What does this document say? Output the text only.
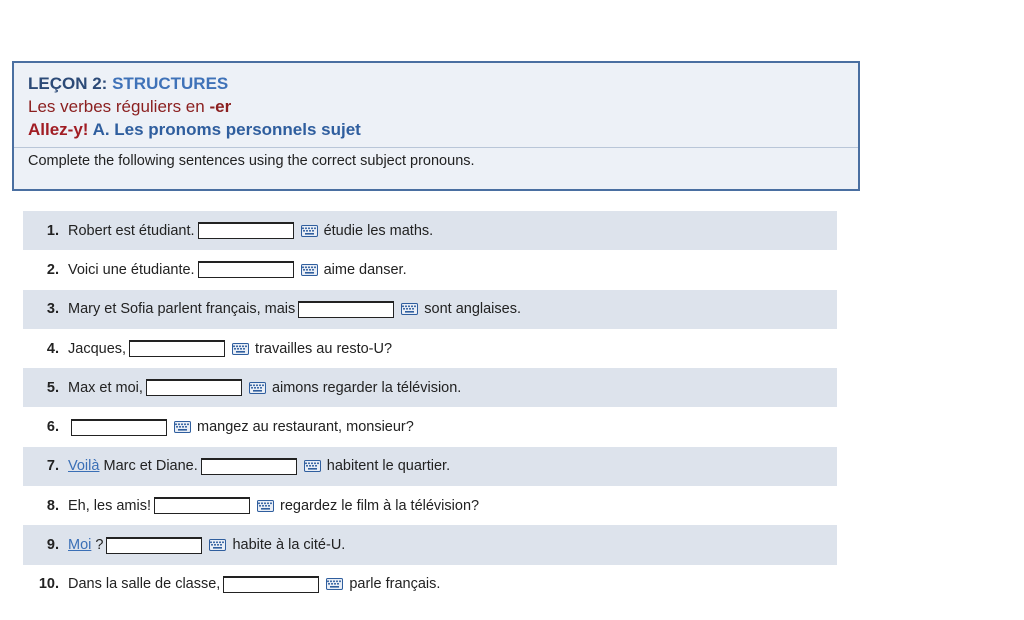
LEÇON 2: STRUCTURES
Les verbes réguliers en -er
Allez-y! A. Les pronoms personnels sujet
Complete the following sentences using the correct subject pronouns.
1. Robert est étudiant.	étudie les maths.
2. Voici une étudiante.	aime danser.
3. Mary et Sofia parlent français, mais	sont anglaises.
4. Jacques,	travailles au resto-U?
5. Max et moi,	aimons regarder la télévision.
6.	mangez au restaurant, monsieur?
7. Voilà
Marc et Diane.	habitent le quartier.
8. Eh, les amis!	regardez le film à la télévision?
9. Moi
?	habite à la cité-U.
10. Dans la salle de classe,	parle français.
